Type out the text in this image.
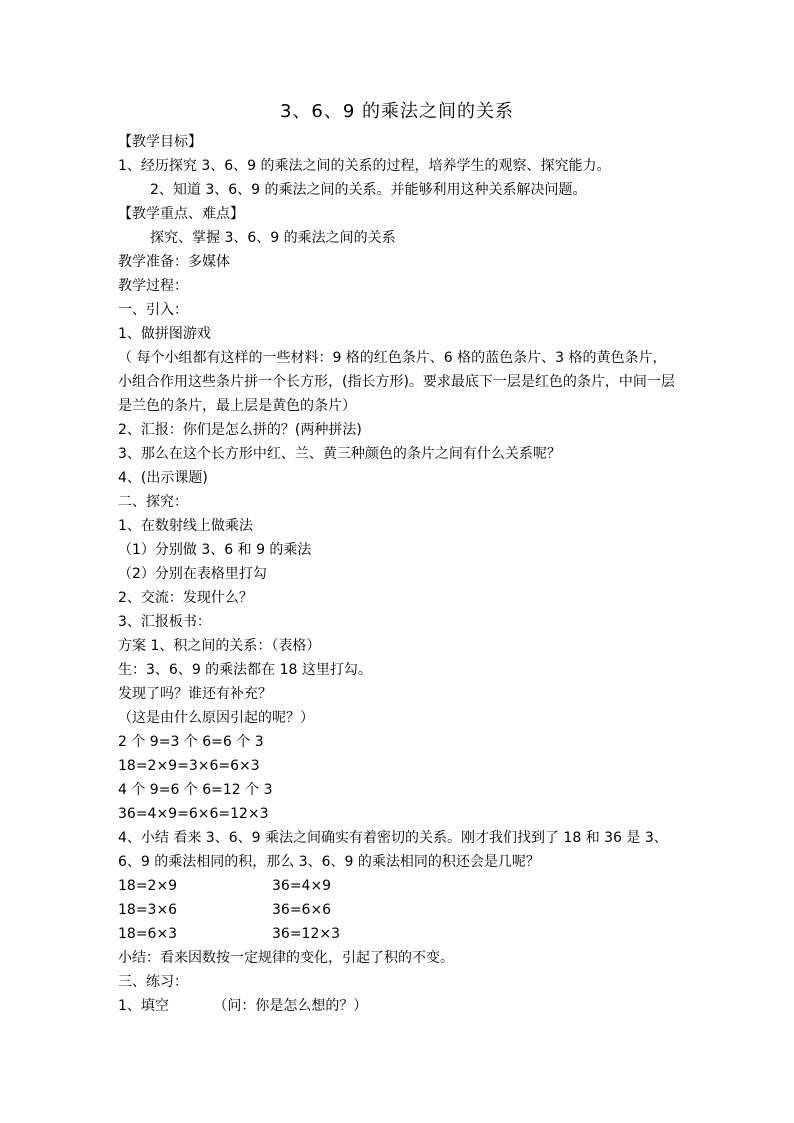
3、6、9 的乘法之间的关系
【教学目标】
1、经历探究 3、6、9 的乘法之间的关系的过程，培养学生的观察、探究能力。
2、知道 3、6、9 的乘法之间的关系。并能够利用这种关系解决问题。
【教学重点、难点】
探究、掌握 3、6、9 的乘法之间的关系
教学准备：多媒体
教学过程：
一、引入：
1、做拼图游戏
（ 每个小组都有这样的一些材料：9 格的红色条片、6 格的蓝色条片、3 格的黄色条片，小组合作用这些条片拼一个长方形，(指长方形)。要求最底下一层是红色的条片，中间一层是兰色的条片，最上层是黄色的条片）
2、汇报：你们是怎么拼的？(两种拼法)
3、那么在这个长方形中红、兰、黄三种颜色的条片之间有什么关系呢？
4、(出示课题)
二、探究：
1、在数射线上做乘法
（1）分别做 3、6 和 9 的乘法
（2）分别在表格里打勾
2、交流：发现什么？
3、汇报板书：
方案 1、积之间的关系：（表格）
生：3、6、9 的乘法都在 18 这里打勾。
发现了吗？谁还有补充？
（这是由什么原因引起的呢？）
2 个 9=3 个 6=6 个 3
18=2×9=3×6=6×3
4 个 9=6 个 6=12 个 3
36=4×9=6×6=12×3
4、小结 看来 3、6、9 乘法之间确实有着密切的关系。刚才我们找到了 18 和 36 是 3、6、9 的乘法相同的积，那么 3、6、9 的乘法相同的积还会是几呢？
18=2×9	36=4×9
18=3×6	36=6×6
18=6×3	36=12×3
小结：看来因数按一定规律的变化，引起了积的不变。
三、练习：
1、填空          （问：你是怎么想的？）
